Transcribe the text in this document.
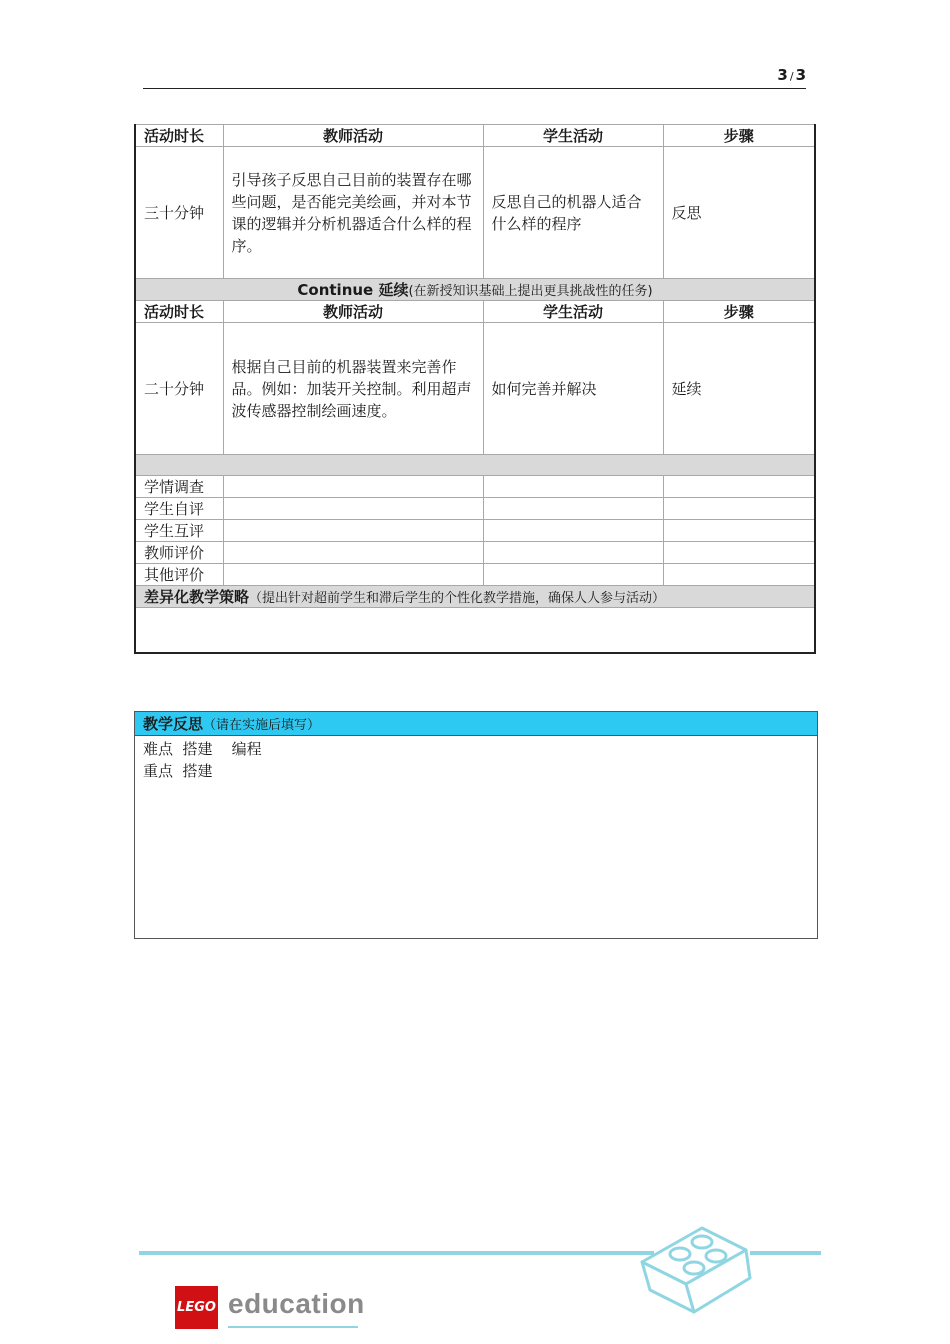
3 / 3
活动时长	教师活动	学生活动	步骤
三十分钟	引导孩子反思自己目前的装置存在哪些问题，是否能完美绘画，并对本节课的逻辑并分析机器适合什么样的程序。	反思自己的机器人适合什么样的程序	反思
Continue 延续(在新授知识基础上提出更具挑战性的任务)			
活动时长	教师活动	学生活动	步骤
二十分钟	根据自己目前的机器装置来完善作品。例如：加装开关控制。利用超声波传感器控制绘画速度。	如何完善并解决	延续

学情调查			
学生自评			
学生互评			
教师评价			
其他评价			
差异化教学策略（提出针对超前学生和滞后学生的个性化教学措施，确保人人参与活动）			

教学反思（请在实施后填写）
难点  搭建    编程
重点  搭建
LEGO education
